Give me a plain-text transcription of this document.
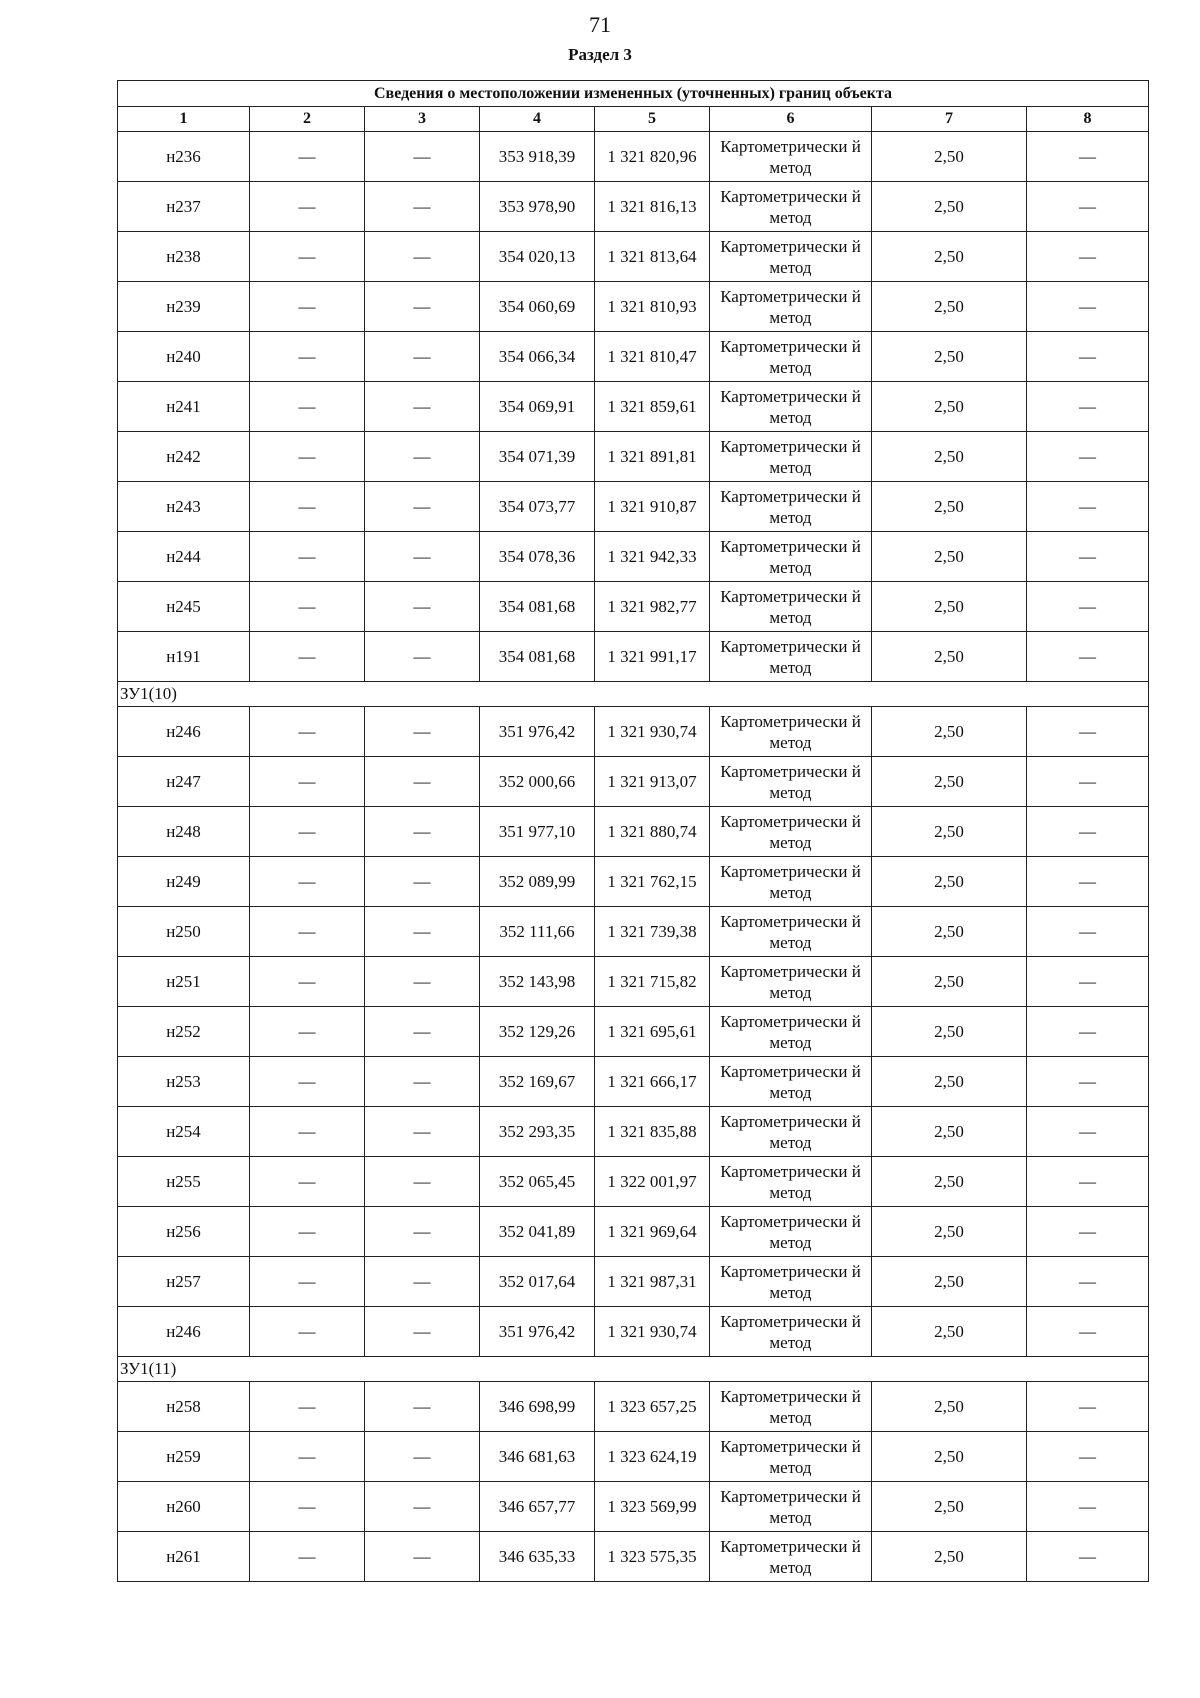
71
Раздел 3
Сведения о местоположении измененных (уточненных) границ объекта							
1	2	3	4	5	6	7	8
н236	—	—	353 918,39	1 321 820,96	Картометрически й метод	2,50	—
н237	—	—	353 978,90	1 321 816,13	Картометрически й метод	2,50	—
н238	—	—	354 020,13	1 321 813,64	Картометрически й метод	2,50	—
н239	—	—	354 060,69	1 321 810,93	Картометрически й метод	2,50	—
н240	—	—	354 066,34	1 321 810,47	Картометрически й метод	2,50	—
н241	—	—	354 069,91	1 321 859,61	Картометрически й метод	2,50	—
н242	—	—	354 071,39	1 321 891,81	Картометрически й метод	2,50	—
н243	—	—	354 073,77	1 321 910,87	Картометрически й метод	2,50	—
н244	—	—	354 078,36	1 321 942,33	Картометрически й метод	2,50	—
н245	—	—	354 081,68	1 321 982,77	Картометрически й метод	2,50	—
н191	—	—	354 081,68	1 321 991,17	Картометрически й метод	2,50	—
ЗУ1(10)							
н246	—	—	351 976,42	1 321 930,74	Картометрически й метод	2,50	—
н247	—	—	352 000,66	1 321 913,07	Картометрически й метод	2,50	—
н248	—	—	351 977,10	1 321 880,74	Картометрически й метод	2,50	—
н249	—	—	352 089,99	1 321 762,15	Картометрически й метод	2,50	—
н250	—	—	352 111,66	1 321 739,38	Картометрически й метод	2,50	—
н251	—	—	352 143,98	1 321 715,82	Картометрически й метод	2,50	—
н252	—	—	352 129,26	1 321 695,61	Картометрически й метод	2,50	—
н253	—	—	352 169,67	1 321 666,17	Картометрически й метод	2,50	—
н254	—	—	352 293,35	1 321 835,88	Картометрически й метод	2,50	—
н255	—	—	352 065,45	1 322 001,97	Картометрически й метод	2,50	—
н256	—	—	352 041,89	1 321 969,64	Картометрически й метод	2,50	—
н257	—	—	352 017,64	1 321 987,31	Картометрически й метод	2,50	—
н246	—	—	351 976,42	1 321 930,74	Картометрически й метод	2,50	—
ЗУ1(11)							
н258	—	—	346 698,99	1 323 657,25	Картометрически й метод	2,50	—
н259	—	—	346 681,63	1 323 624,19	Картометрически й метод	2,50	—
н260	—	—	346 657,77	1 323 569,99	Картометрически й метод	2,50	—
н261	—	—	346 635,33	1 323 575,35	Картометрически й метод	2,50	—
